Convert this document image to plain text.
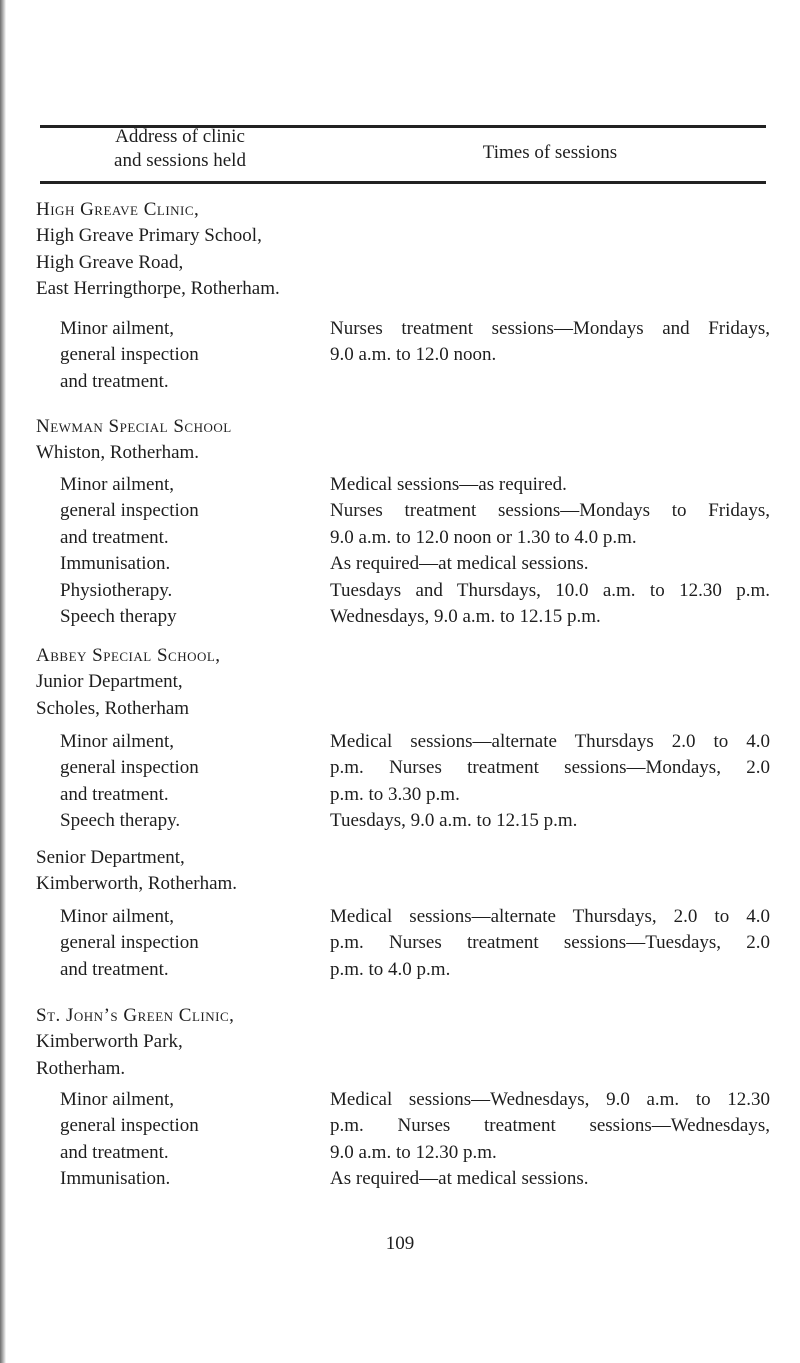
Address of clinic
and sessions held	Times of sessions
High Greave Clinic,
High Greave Primary School,
High Greave Road,
East Herringthorpe, Rotherham.
Minor ailment,
general inspection
and treatment.
Nurses treatment sessions—Mondays and Fridays,
9.0 a.m. to 12.0 noon.
Newman Special School
Whiston, Rotherham.
Minor ailment,
general inspection
and treatment.
Immunisation.
Physiotherapy.
Speech therapy
Medical sessions—as required.
Nurses treatment sessions—Mondays to Fridays,
9.0 a.m. to 12.0 noon or 1.30 to 4.0 p.m.
As required—at medical sessions.
Tuesdays and Thursdays, 10.0 a.m. to 12.30 p.m.
Wednesdays, 9.0 a.m. to 12.15 p.m.
Abbey Special School,
Junior Department,
Scholes, Rotherham
Minor ailment,
general inspection
and treatment.
Speech therapy.
Medical sessions—alternate Thursdays 2.0 to 4.0
p.m. Nurses treatment sessions—Mondays, 2.0
p.m. to 3.30 p.m.
Tuesdays, 9.0 a.m. to 12.15 p.m.
Senior Department,
Kimberworth, Rotherham.
Minor ailment,
general inspection
and treatment.
Medical sessions—alternate Thursdays, 2.0 to 4.0
p.m. Nurses treatment sessions—Tuesdays, 2.0
p.m. to 4.0 p.m.
St. John’s Green Clinic,
Kimberworth Park,
Rotherham.
Minor ailment,
general inspection
and treatment.
Immunisation.
Medical sessions—Wednesdays, 9.0 a.m. to 12.30
p.m. Nurses treatment sessions—Wednesdays,
9.0 a.m. to 12.30 p.m.
As required—at medical sessions.
109
